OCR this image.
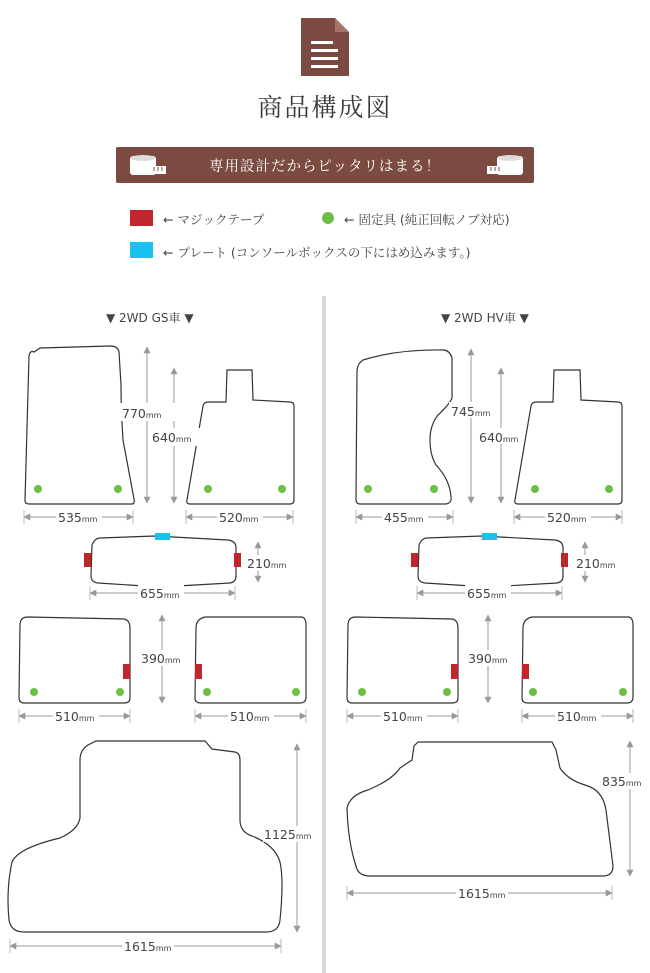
商品構成図
専用設計だからピッタリはまる！
← マジックテープ	← 固定具 (純正回転ノブ対応)
← プレート (コンソールボックスの下にはめ込みます。)
▼ 2WD GS車 ▼	▼ 2WD HV車 ▼
770mm
640mm
535mm	520mm
210mm
655mm
390mm
510mm	510mm
1125mm
1615mm
745mm
640mm
455mm	520mm
210mm
655mm
390mm
510mm	510mm
835mm
1615mm
